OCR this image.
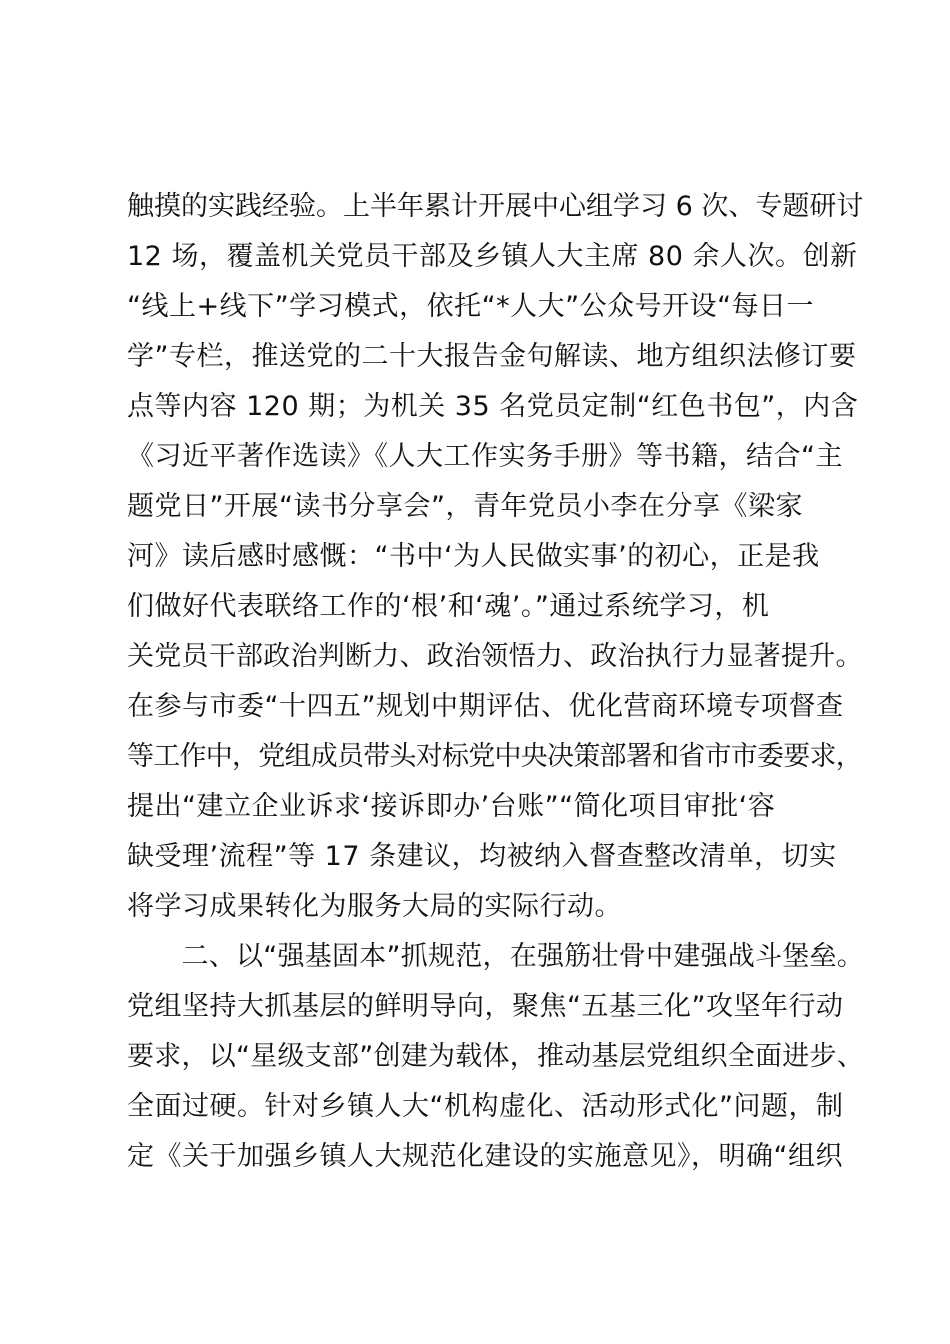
触摸的实践经验。上半年累计开展中心组学习 6 次、专题研讨
12 场，覆盖机关党员干部及乡镇人大主席 80 余人次。创新
“线上+线下”学习模式，依托“*人大”公众号开设“每日一
学”专栏，推送党的二十大报告金句解读、地方组织法修订要
点等内容 120 期；为机关 35 名党员定制“红色书包”，内含
《习近平著作选读》《人大工作实务手册》等书籍，结合“主
题党日”开展“读书分享会”，青年党员小李在分享《梁家
河》读后感时感慨：“书中‘为人民做实事’的初心，正是我
们做好代表联络工作的‘根’和‘魂’。”通过系统学习，机
关党员干部政治判断力、政治领悟力、政治执行力显著提升。
在参与市委“十四五”规划中期评估、优化营商环境专项督查
等工作中，党组成员带头对标党中央决策部署和省市市委要求，
提出“建立企业诉求‘接诉即办’台账”“简化项目审批‘容
缺受理’流程”等 17 条建议，均被纳入督查整改清单，切实
将学习成果转化为服务大局的实际行动。
　　二、以“强基固本”抓规范，在强筋壮骨中建强战斗堡垒。
党组坚持大抓基层的鲜明导向，聚焦“五基三化”攻坚年行动
要求，以“星级支部”创建为载体，推动基层党组织全面进步、
全面过硬。针对乡镇人大“机构虚化、活动形式化”问题，制
定《关于加强乡镇人大规范化建设的实施意见》，明确“组织
